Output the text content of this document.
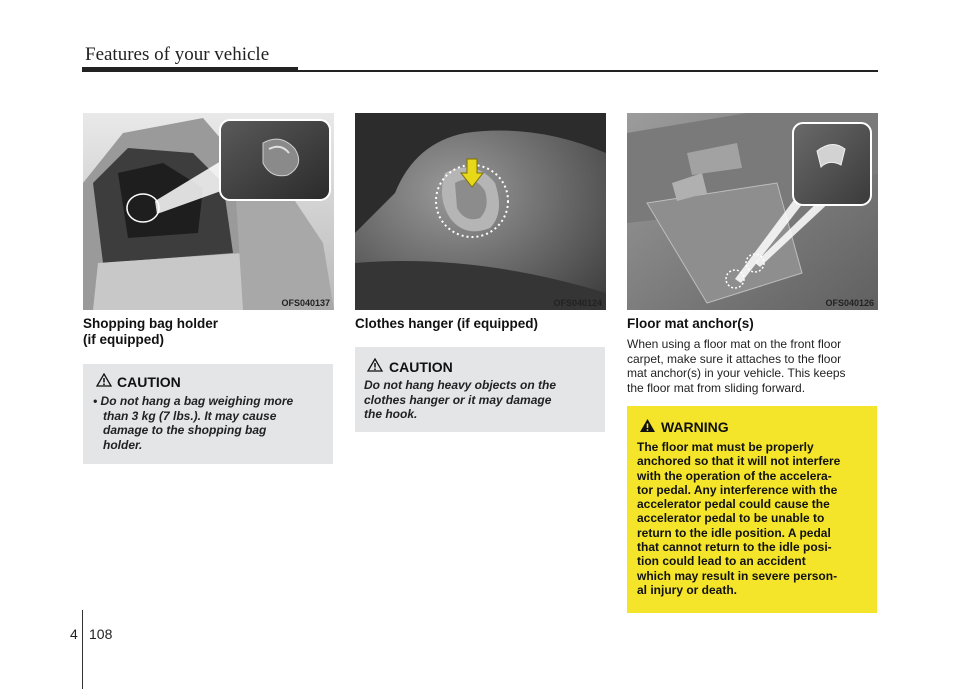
Features of your vehicle
OFS040137	OFS040124	OFS040126
Shopping bag holder
(if equipped)
CAUTION
• Do not hang a bag weighing more
than 3 kg (7 lbs.). It may cause
damage to the shopping bag
holder.
Clothes hanger (if equipped)
CAUTION
Do not hang heavy objects on the
clothes hanger or it may damage
the hook.
Floor mat anchor(s)
When using a floor mat on the front floor
carpet, make sure it attaches to the floor
mat anchor(s) in your vehicle. This keeps
the floor mat from sliding forward.
WARNING
The floor mat must be properly
anchored so that it will not interfere
with the operation of the accelera-
tor pedal. Any interference with the
accelerator pedal could cause the
accelerator pedal to be unable to
return to the idle position. A pedal
that cannot return to the idle posi-
tion could lead to an accident
which may result in severe person-
al injury or death.
4 108
